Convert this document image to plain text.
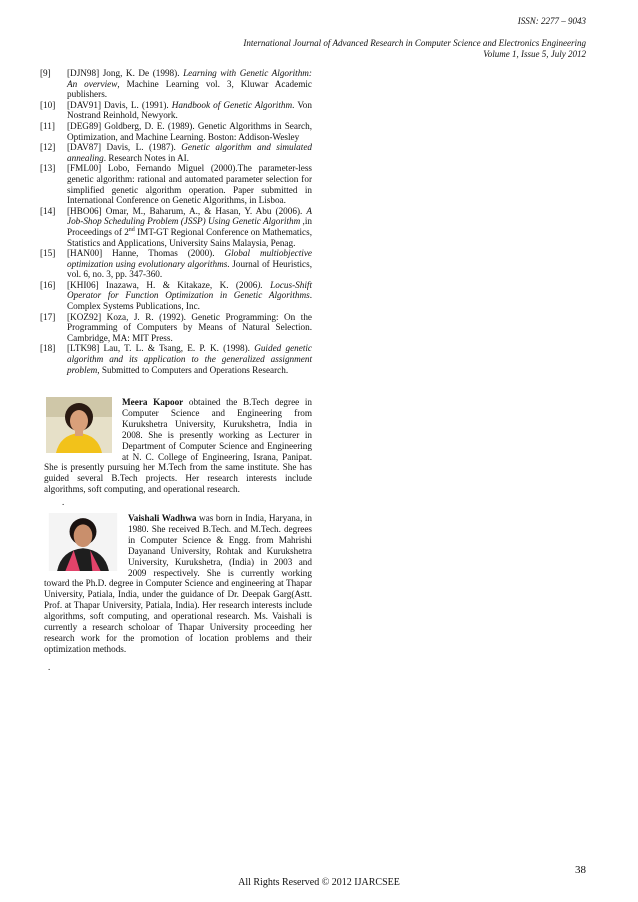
ISSN: 2277 – 9043
International Journal of Advanced Research in Computer Science and Electronics Engineering
Volume 1, Issue 5, July 2012
[9]	[DJN98] Jong, K. De (1998). Learning with Genetic Algorithm: An overview, Machine Learning vol. 3, Kluwar Academic publishers.
[10]	[DAV91] Davis, L. (1991). Handbook of Genetic Algorithm. Von Nostrand Reinhold, Newyork.
[11]	[DEG89] Goldberg, D. E. (1989). Genetic Algorithms in Search, Optimization, and Machine Learning. Boston: Addison-Wesley
[12]	[DAV87] Davis, L. (1987). Genetic algorithm and simulated annealing. Research Notes in AI.
[13]	[FML00] Lobo, Fernando Miguel (2000).The parameter-less genetic algorithm: rational and automated parameter selection for simplified genetic algorithm operation. Paper submitted in International Conference on Genetic Algorithms, in Lisboa.
[14]	[HBO06] Omar, M., Baharum, A., & Hasan, Y. Abu (2006). A Job-Shop Scheduling Problem (JSSP) Using Genetic Algorithm ,in Proceedings of 2nd IMT-GT Regional Conference on Mathematics, Statistics and Applications, University Sains Malaysia, Penag.
[15]	[HAN00] Hanne, Thomas (2000). Global multiobjective optimization using evolutionary algorithms. Journal of Heuristics, vol. 6, no. 3, pp. 347-360.
[16]	[KHI06] Inazawa, H. & Kitakaze, K. (2006). Locus-Shift Operator for Function Optimization in Genetic Algorithms. Complex Systems Publications, Inc.
[17]	[KOZ92] Koza, J. R. (1992). Genetic Programming: On the Programming of Computers by Means of Natural Selection. Cambridge, MA: MIT Press.
[18]	[LTK98] Lau, T. L. & Tsang, E. P. K. (1998). Guided genetic algorithm and its application to the generalized assignment problem, Submitted to Computers and Operations Research.
Meera Kapoor obtained the B.Tech degree in Computer Science and Engineering from Kurukshetra University, Kurukshetra, India in 2008. She is presently working as Lecturer in Department of Computer Science and Engineering at N. C. College of Engineering, Israna, Panipat. She is presently pursuing her M.Tech from the same institute. She has guided several B.Tech projects. Her research interests include algorithms, soft computing, and operational research.
.
Vaishali Wadhwa was born in India, Haryana, in 1980. She received B.Tech. and M.Tech. degrees in Computer Science & Engg. from Mahrishi Dayanand University, Rohtak and Kurukshetra University, Kurukshetra, (India) in 2003 and 2009 respectively. She is currently working toward the Ph.D. degree in Computer Science and engineering at Thapar University, Patiala, India, under the guidance of Dr. Deepak Garg(Astt. Prof. at Thapar University, Patiala, India). Her research interests include algorithms, soft computing, and operational research. Ms. Vaishali is currently a research scholoar of Thapar University proceeding her research work for the promotion of location problems and their optimization methods.
.
38
All Rights Reserved © 2012 IJARCSEE
